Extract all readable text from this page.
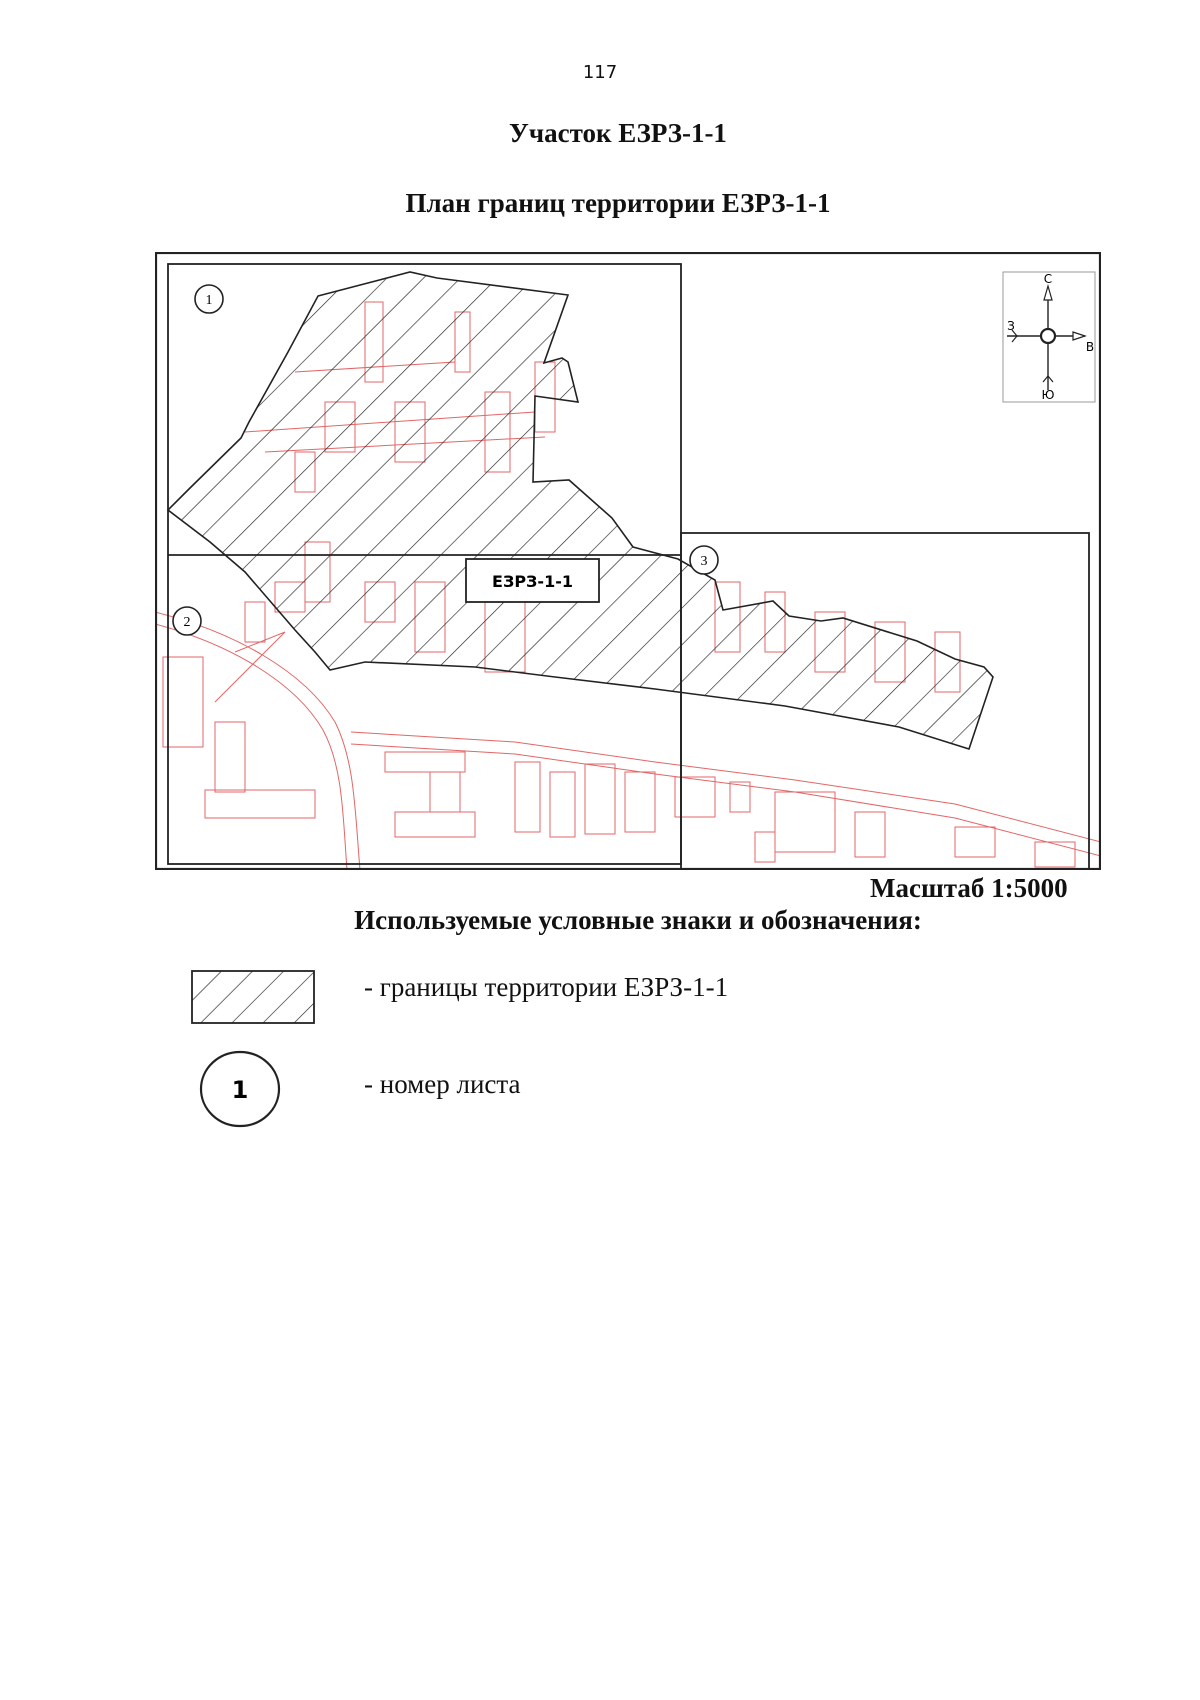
117
Участок ЕЗРЗ-1-1
План границ территории ЕЗРЗ-1-1
1
2
3
ЕЗРЗ-1-1
С
Ю
З
В
Масштаб 1:5000
Используемые условные знаки и обозначения:
- границы территории ЕЗРЗ-1-1
1	- номер листа
